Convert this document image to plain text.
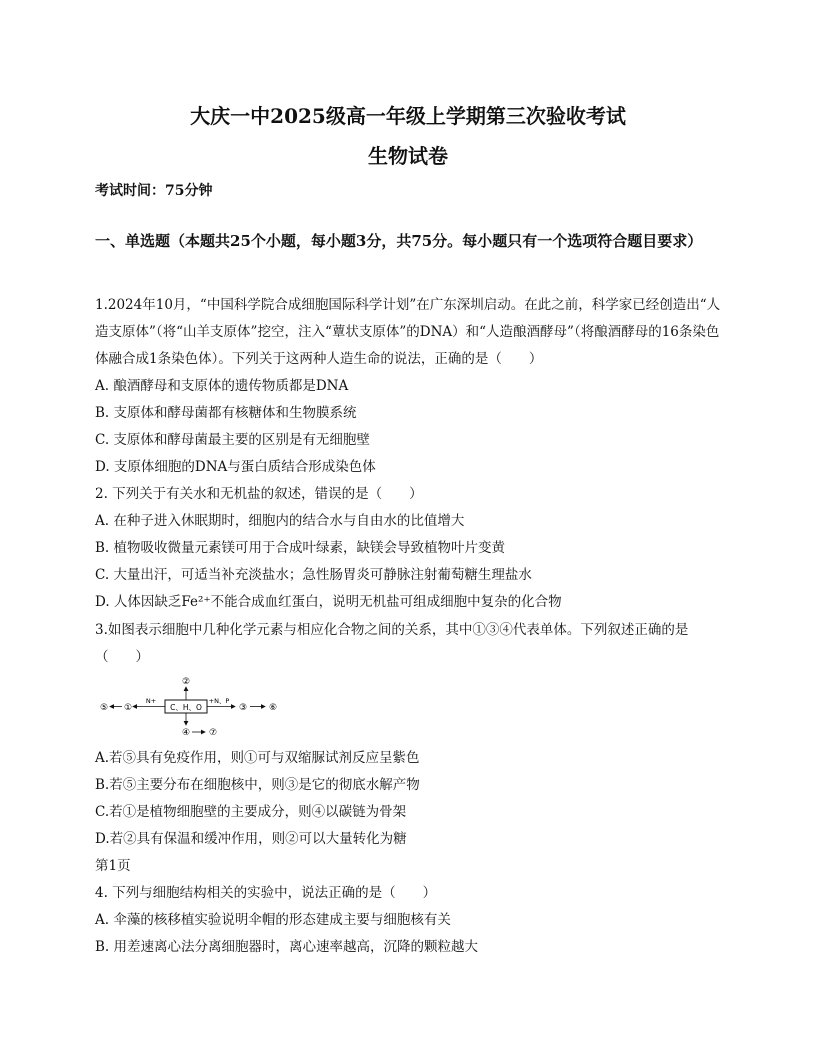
大庆一中2025级高一年级上学期第三次验收考试
生物试卷
考试时间：75分钟
一、单选题（本题共25个小题，每小题3分，共75分。每小题只有一个选项符合题目要求）
1.2024年10月，“中国科学院合成细胞国际科学计划”在广东深圳启动。在此之前，科学家已经创造出“人造支原体”（将“山羊支原体”挖空，注入“蕈状支原体”的DNA）和“人造酿酒酵母”（将酿酒酵母的16条染色体融合成1条染色体）。下列关于这两种人造生命的说法，正确的是（　　）
A. 酿酒酵母和支原体的遗传物质都是DNA
B. 支原体和酵母菌都有核糖体和生物膜系统
C. 支原体和酵母菌最主要的区别是有无细胞壁
D. 支原体细胞的DNA与蛋白质结合形成染色体
2. 下列关于有关水和无机盐的叙述，错误的是（　　）
A. 在种子进入休眠期时，细胞内的结合水与自由水的比值增大
B. 植物吸收微量元素镁可用于合成叶绿素，缺镁会导致植物叶片变黄
C. 大量出汗，可适当补充淡盐水；急性肠胃炎可静脉注射葡萄糖生理盐水
D. 人体因缺乏Fe²⁺不能合成血红蛋白，说明无机盐可组成细胞中复杂的化合物
3.如图表示细胞中几种化学元素与相应化合物之间的关系，其中①③④代表单体。下列叙述正确的是（　　）
C、H、O
②
④ ⑦
N+
①
⑤
+N、P
③ ⑥
A.若⑤具有免疫作用，则①可与双缩脲试剂反应呈紫色
B.若⑤主要分布在细胞核中，则③是它的彻底水解产物
C.若①是植物细胞壁的主要成分，则④以碳链为骨架
D.若②具有保温和缓冲作用，则②可以大量转化为糖
第1页
4. 下列与细胞结构相关的实验中，说法正确的是（　　）
A. 伞藻的核移植实验说明伞帽的形态建成主要与细胞核有关
B. 用差速离心法分离细胞器时，离心速率越高，沉降的颗粒越大
